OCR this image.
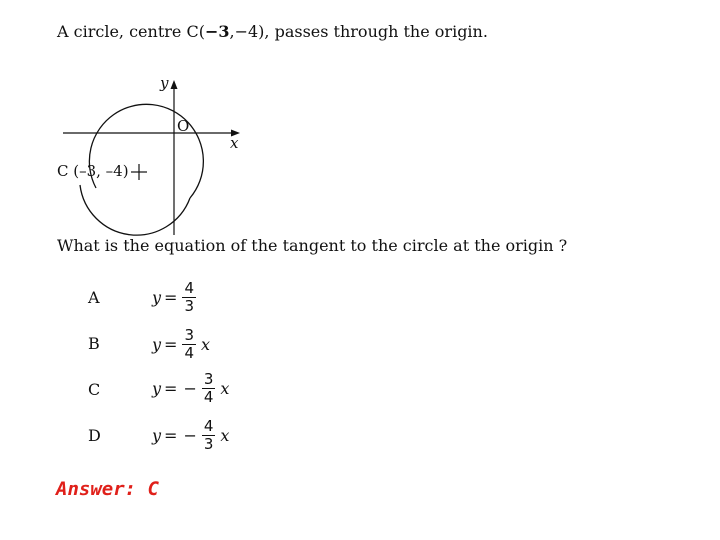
A circle, centre C(−3,−4), passes through the origin.
y
x
O
C (–3, –4)
What is the equation of the tangent to the circle at the origin ?
A	$y = \frac{4}{3}$
B	$y = \frac{3}{4}$ x
C	y = − $\frac{3}{4}$ x
D	y = − $\frac{4}{3}$ x
Answer: C
